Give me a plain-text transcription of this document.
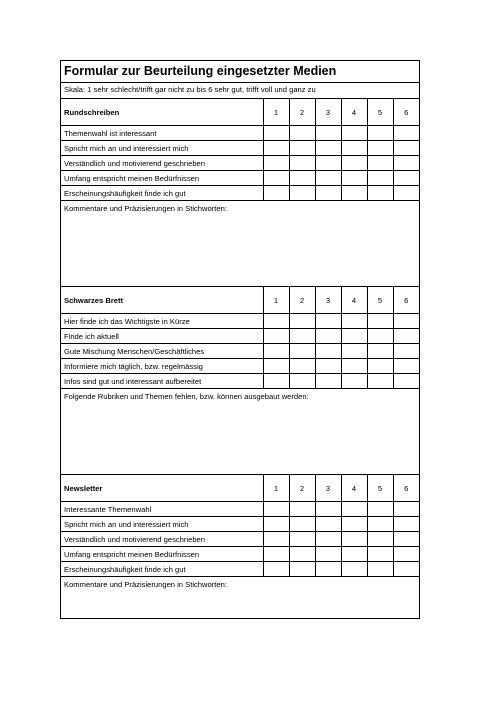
Formular zur Beurteilung eingesetzter Medien
Skala: 1 sehr schlecht/trifft gar nicht zu bis 6 sehr gut, trifft voll und ganz zu
Rundschreiben	1	2	3	4	5	6
Themenwahl ist interessant						
Spricht mich an und interessiert mich						
Verständlich und motivierend geschrieben						
Umfang entspricht meinen Bedürfnissen						
Erscheinungshäufigkeit finde ich gut						
Kommentare und Präzisierungen in Stichworten:
Schwarzes Brett	1	2	3	4	5	6
Hier finde ich das Wichtigste in Kürze						
Finde ich aktuell						
Gute Mischung Menschen/Geschäftliches						
Informiere mich täglich, bzw. regelmässig						
Infos sind gut und interessant aufbereitet						
Folgende Rubriken und Themen fehlen, bzw. können ausgebaut werden:
Newsletter	1	2	3	4	5	6
Interessante Themenwahl						
Spricht mich an und interessiert mich						
Verständlich und motivierend geschrieben						
Umfang entspricht meinen Bedürfnissen						
Erscheinungshäufigkeit finde ich gut						
Kommentare und Präzisierungen in Stichworten:
